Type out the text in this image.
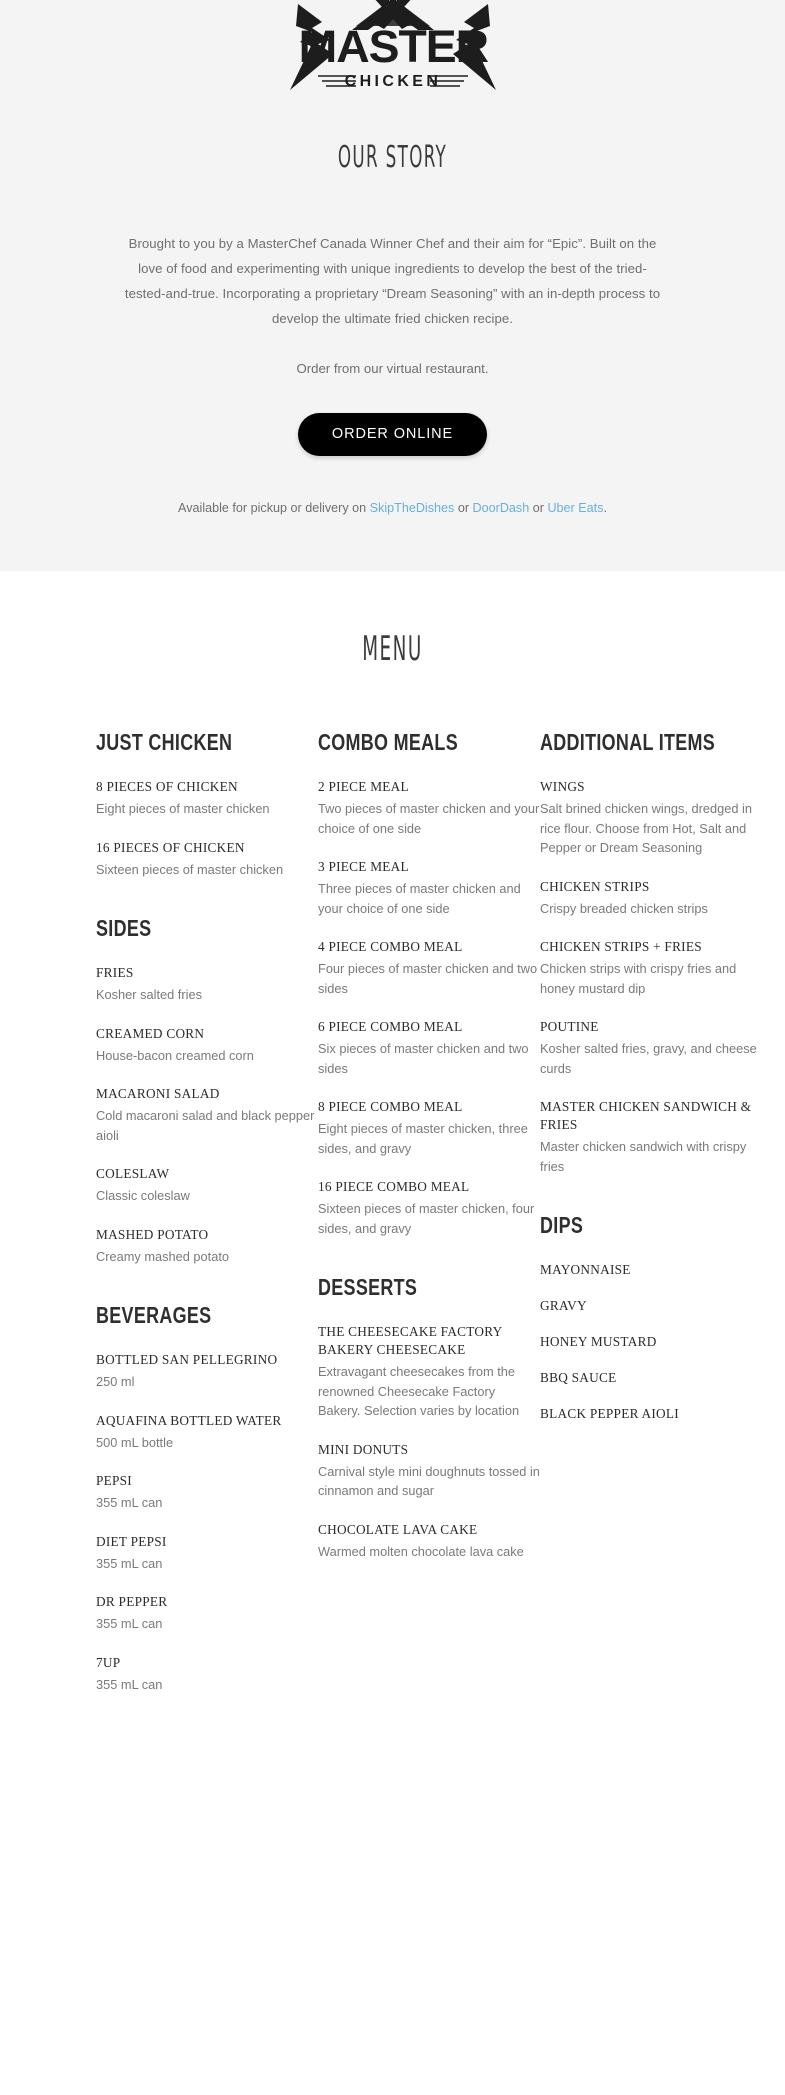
MASTER
CHICKEN
OUR STORY

Brought to you by a MasterChef Canada Winner Chef and their aim for “Epic”. Built on the love of food and experimenting with unique ingredients to develop the best of the tried-tested-and-true. Incorporating a proprietary “Dream Seasoning” with an in-depth process to develop the ultimate fried chicken recipe.

Order from our virtual restaurant.

ORDER ONLINE

Available for pickup or delivery on SkipTheDishes or DoorDash or Uber Eats.

MENU
JUST CHICKEN
8 PIECES OF CHICKEN
Eight pieces of master chicken
16 PIECES OF CHICKEN
Sixteen pieces of master chicken
SIDES
FRIES
Kosher salted fries
CREAMED CORN
House-bacon creamed corn
MACARONI SALAD
Cold macaroni salad and black pepper aioli
COLESLAW
Classic coleslaw
MASHED POTATO
Creamy mashed potato
BEVERAGES
BOTTLED SAN PELLEGRINO
250 ml
AQUAFINA BOTTLED WATER
500 mL bottle
PEPSI
355 mL can
DIET PEPSI
355 mL can
DR PEPPER
355 mL can
7UP
355 mL can
COMBO MEALS
2 PIECE MEAL
Two pieces of master chicken and your choice of one side
3 PIECE MEAL
Three pieces of master chicken and your choice of one side
4 PIECE COMBO MEAL
Four pieces of master chicken and two sides
6 PIECE COMBO MEAL
Six pieces of master chicken and two sides
8 PIECE COMBO MEAL
Eight pieces of master chicken, three sides, and gravy
16 PIECE COMBO MEAL
Sixteen pieces of master chicken, four sides, and gravy
DESSERTS
THE CHEESECAKE FACTORY BAKERY CHEESECAKE
Extravagant cheesecakes from the renowned Cheesecake Factory Bakery. Selection varies by location
MINI DONUTS
Carnival style mini doughnuts tossed in cinnamon and sugar
CHOCOLATE LAVA CAKE
Warmed molten chocolate lava cake
ADDITIONAL ITEMS
WINGS
Salt brined chicken wings, dredged in rice flour. Choose from Hot, Salt and Pepper or Dream Seasoning
CHICKEN STRIPS
Crispy breaded chicken strips
CHICKEN STRIPS + FRIES
Chicken strips with crispy fries and honey mustard dip
POUTINE
Kosher salted fries, gravy, and cheese curds
MASTER CHICKEN SANDWICH & FRIES
Master chicken sandwich with crispy fries
DIPS
MAYONNAISE
GRAVY
HONEY MUSTARD
BBQ SAUCE
BLACK PEPPER AIOLI
